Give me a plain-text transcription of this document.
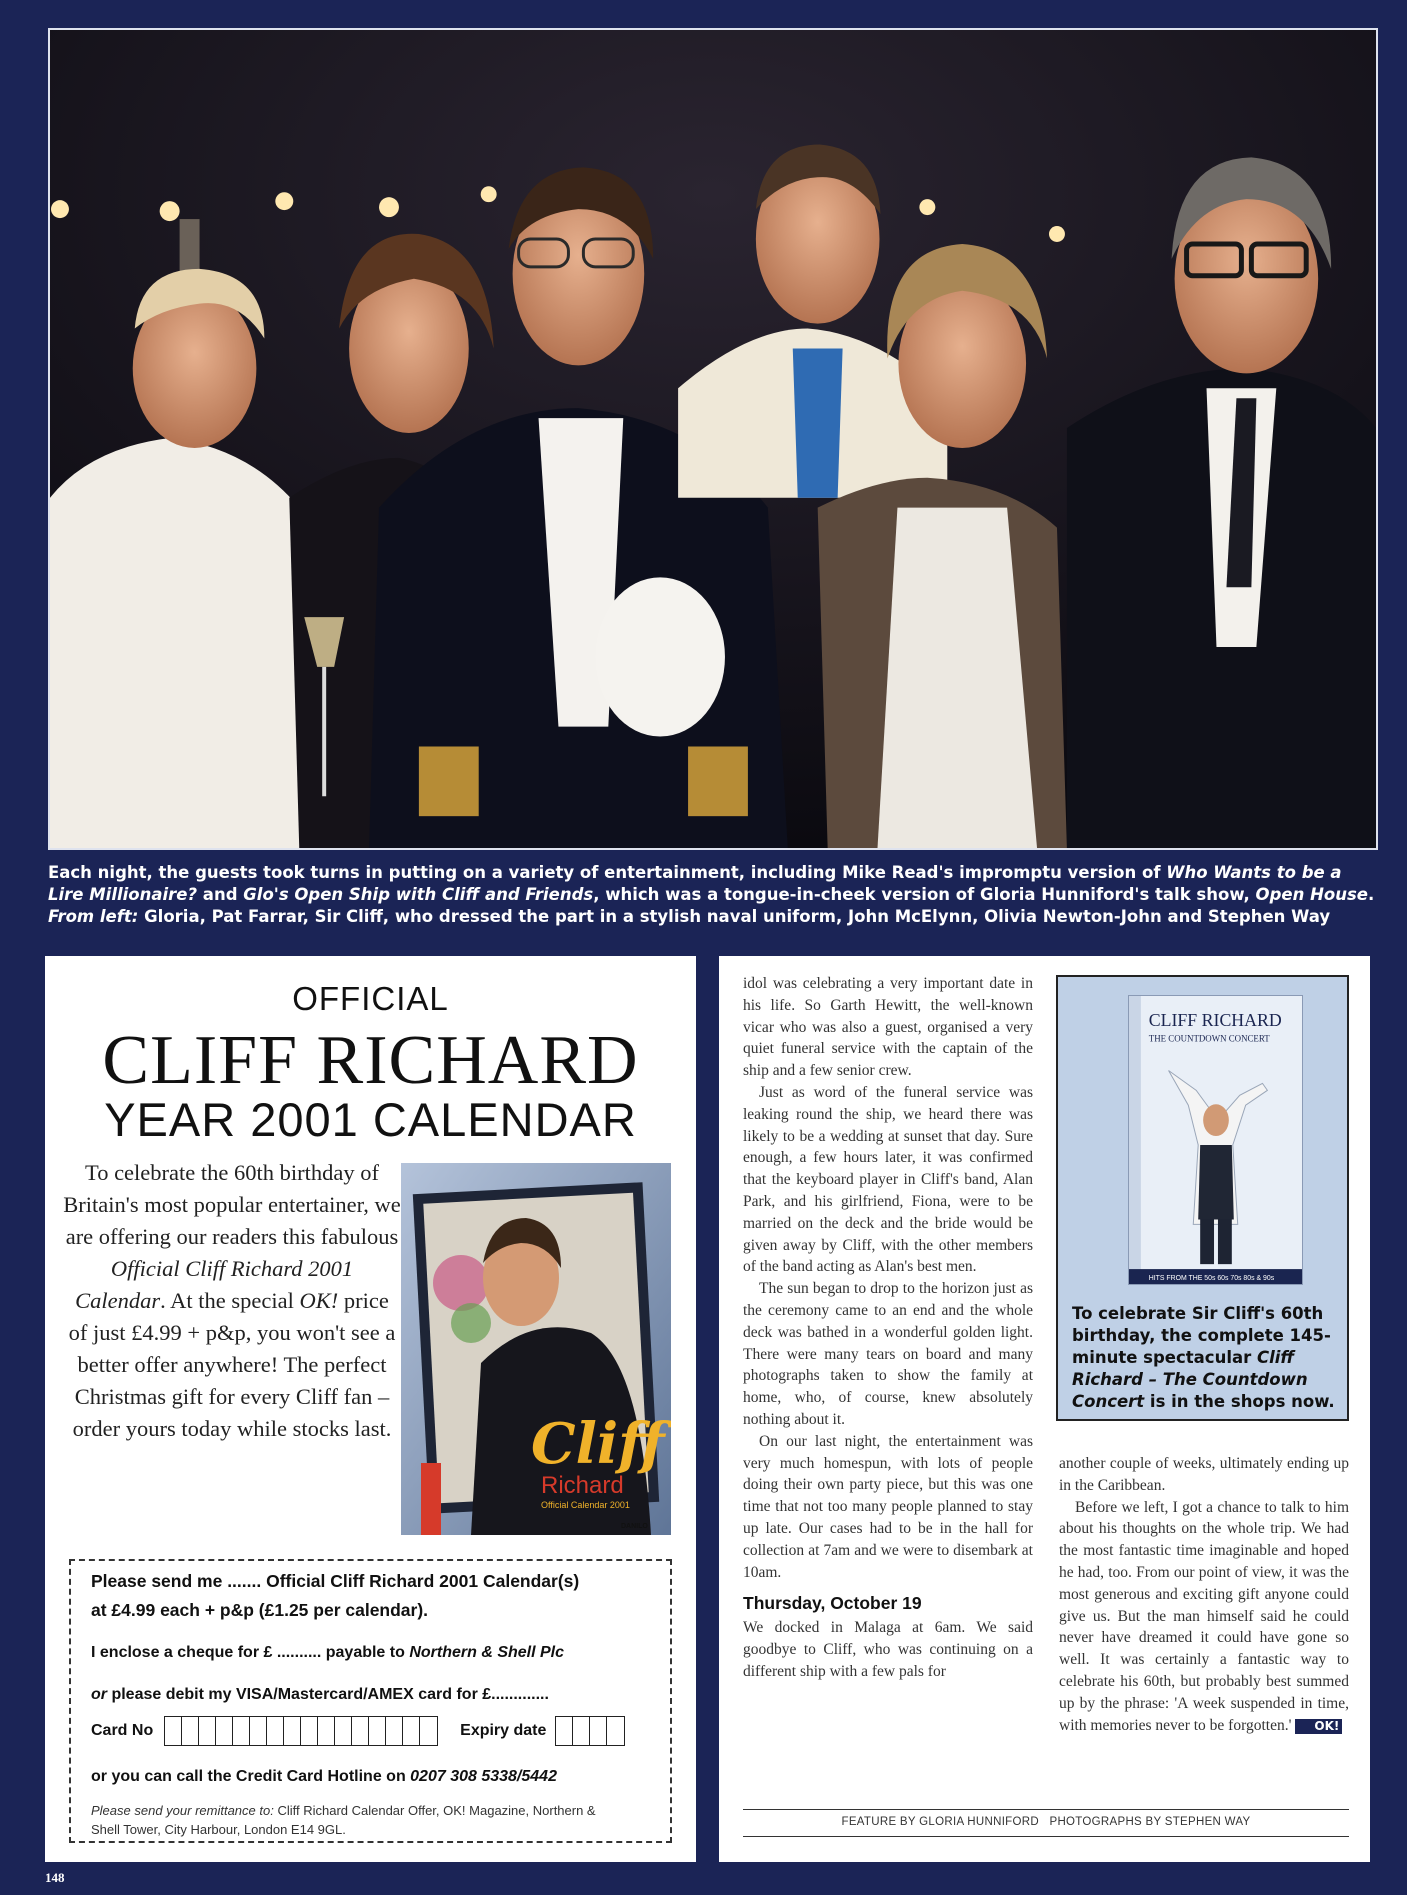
Each night, the guests took turns in putting on a variety of entertainment, including Mike Read's impromptu version of Who Wants to be a Lire Millionaire? and Glo's Open Ship with Cliff and Friends, which was a tongue-in-cheek version of Gloria Hunniford's talk show, Open House. From left: Gloria, Pat Farrar, Sir Cliff, who dressed the part in a stylish naval uniform, John McElynn, Olivia Newton-John and Stephen Way
OFFICIAL
CLIFF RICHARD
YEAR 2001 CALENDAR
To celebrate the 60th birthday of Britain's most popular entertainer, we are offering our readers this fabulous Official Cliff Richard 2001 Calendar. At the special OK! price of just £4.99 + p&p, you won't see a better offer anywhere! The perfect Christmas gift for every Cliff fan – order yours today while stocks last. Cliff
Richard
Official Calendar 2001
DANILO
Please send me ....... Official Cliff Richard 2001 Calendar(s)
at £4.99 each + p&p (£1.25 per calendar).
I enclose a cheque for £ .......... payable to Northern & Shell Plc
or please debit my VISA/Mastercard/AMEX card for £.............
Card No	Expiry date
or you can call the Credit Card Hotline on 0207 308 5338/5442
Please send your remittance to: Cliff Richard Calendar Offer, OK! Magazine, Northern & Shell Tower, City Harbour, London E14 9GL.

idol was celebrating a very important date in his life. So Garth Hewitt, the well-known vicar who was also a guest, organised a very quiet funeral service with the captain of the ship and a few senior crew.

Just as word of the funeral service was leaking round the ship, we heard there was likely to be a wedding at sunset that day. Sure enough, a few hours later, it was confirmed that the keyboard player in Cliff's band, Alan Park, and his girlfriend, Fiona, were to be married on the deck and the bride would be given away by Cliff, with the other members of the band acting as Alan's best men.

The sun began to drop to the horizon just as the ceremony came to an end and the whole deck was bathed in a wonderful golden light. There were many tears on board and many photographs taken to show the family at home, who, of course, knew absolutely nothing about it.

On our last night, the entertainment was very much homespun, with lots of people doing their own party piece, but this was one time that not too many people planned to stay up late. Our cases had to be in the hall for collection at 7am and we were to disembark at 10am.

Thursday, October 19

We docked in Malaga at 6am. We said goodbye to Cliff, who was continuing on a different ship with a few pals for

CLIFF RICHARD
THE COUNTDOWN CONCERT
HITS FROM THE 50s 60s 70s 80s & 90s
To celebrate Sir Cliff's 60th birthday, the complete 145-minute spectacular Cliff Richard – The Countdown Concert is in the shops now.

another couple of weeks, ultimately ending up in the Caribbean.

Before we left, I got a chance to talk to him about his thoughts on the whole trip. We had the most fantastic time imaginable and hoped he had, too. From our point of view, it was the most generous and exciting gift anyone could give us. But the man himself said he could never have dreamed it could have gone so well. It was certainly a fantastic way to celebrate his 60th, but probably best summed up by the phrase: 'A week suspended in time, with memories never to be forgotten.' OK!

FEATURE BY GLORIA HUNNIFORD PHOTOGRAPHS BY STEPHEN WAY
148
